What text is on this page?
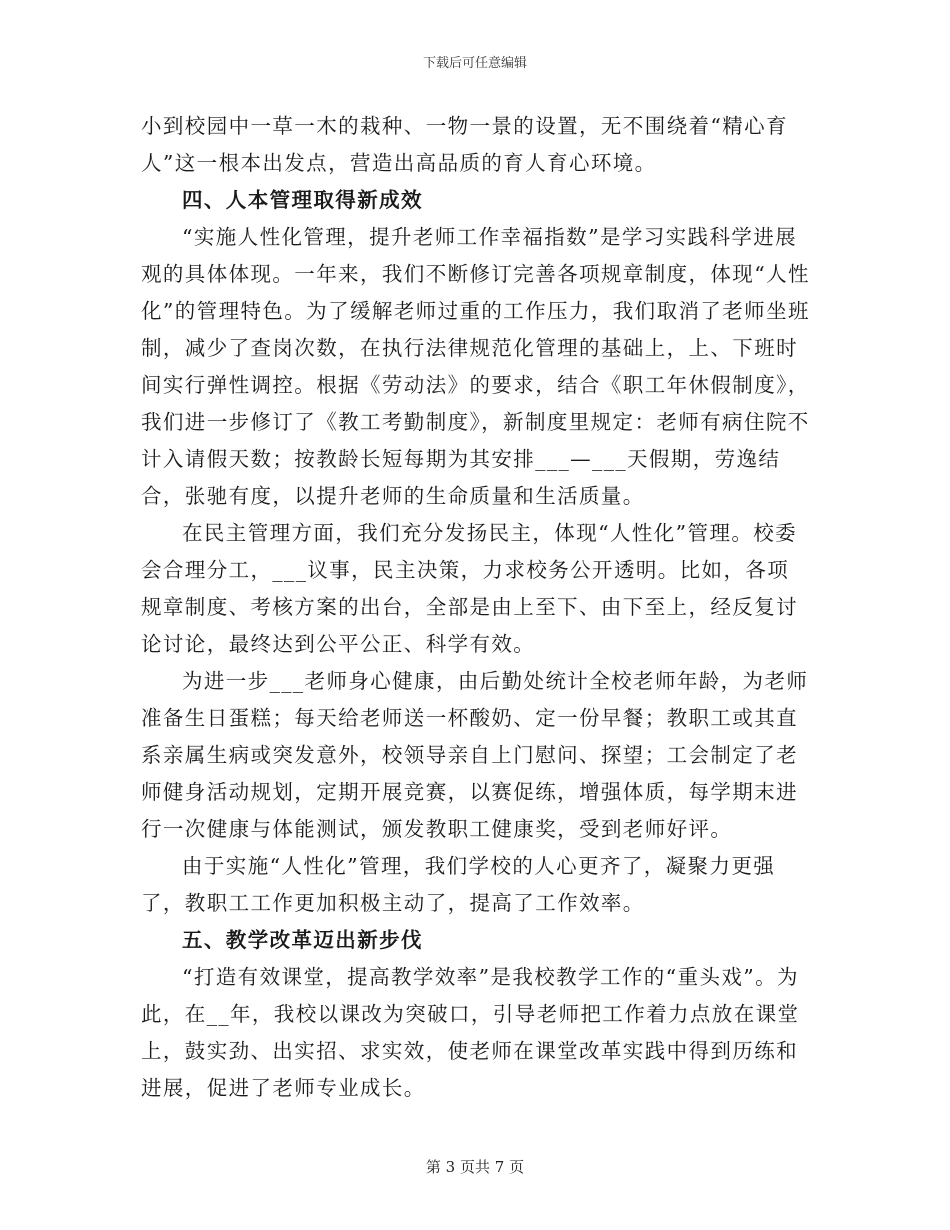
下载后可任意编辑

小到校园中一草一木的栽种、一物一景的设置，无不围绕着“精心育人”这一根本出发点，营造出高品质的育人育心环境。

四、人本管理取得新成效

“实施人性化管理，提升老师工作幸福指数”是学习实践科学进展观的具体体现。一年来，我们不断修订完善各项规章制度，体现“人性化”的管理特色。为了缓解老师过重的工作压力，我们取消了老师坐班制，减少了查岗次数，在执行法律规范化管理的基础上，上、下班时间实行弹性调控。根据《劳动法》的要求，结合《职工年休假制度》，我们进一步修订了《教工考勤制度》，新制度里规定：老师有病住院不计入请假天数；按教龄长短每期为其安排___—___天假期，劳逸结合，张驰有度，以提升老师的生命质量和生活质量。

在民主管理方面，我们充分发扬民主，体现“人性化”管理。校委会合理分工，___议事，民主决策，力求校务公开透明。比如，各项规章制度、考核方案的出台，全部是由上至下、由下至上，经反复讨论讨论，最终达到公平公正、科学有效。

为进一步___老师身心健康，由后勤处统计全校老师年龄，为老师准备生日蛋糕；每天给老师送一杯酸奶、定一份早餐；教职工或其直系亲属生病或突发意外，校领导亲自上门慰问、探望；工会制定了老师健身活动规划，定期开展竞赛，以赛促练，增强体质，每学期末进行一次健康与体能测试，颁发教职工健康奖，受到老师好评。

由于实施“人性化”管理，我们学校的人心更齐了，凝聚力更强了，教职工工作更加积极主动了，提高了工作效率。

五、教学改革迈出新步伐

“打造有效课堂，提高教学效率”是我校教学工作的“重头戏”。为此，在__年，我校以课改为突破口，引导老师把工作着力点放在课堂上，鼓实劲、出实招、求实效，使老师在课堂改革实践中得到历练和进展，促进了老师专业成长。

第 3 页共 7 页
